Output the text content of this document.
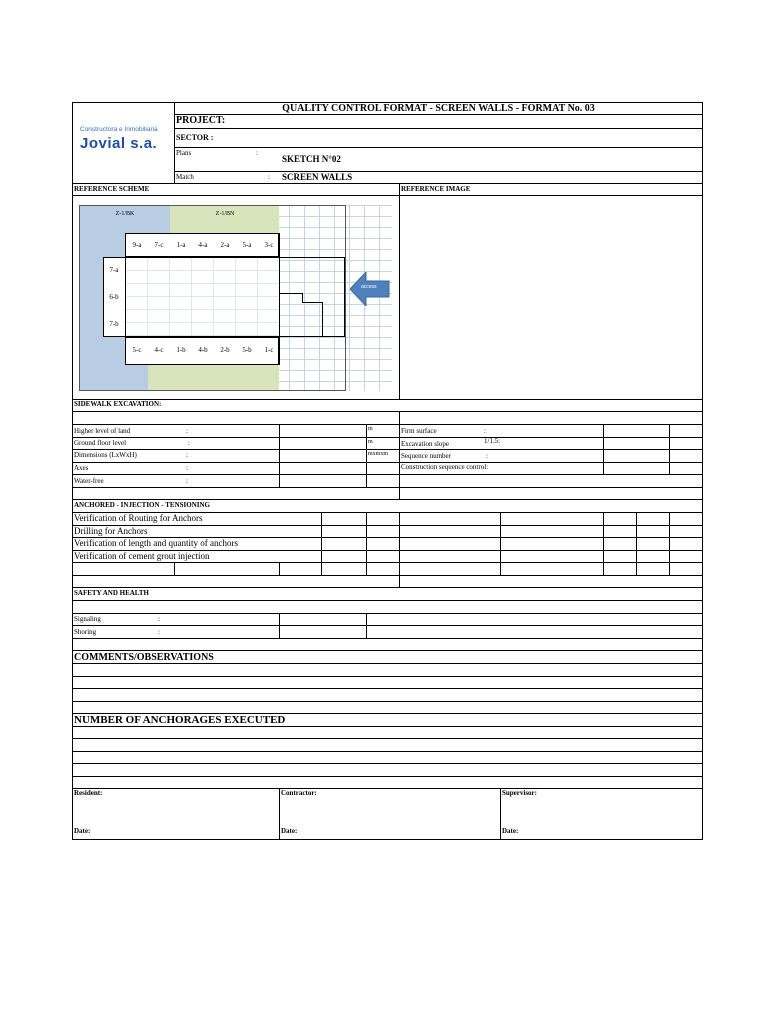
QUALITY CONTROL FORMAT - SCREEN WALLS - FORMAT No. 03
PROJECT:
SECTOR :
Plans	:
SKETCH N°02
Match	: SCREEN WALLS
Constructora e Inmobiliaria
Jovial s.a.
REFERENCE SCHEME	REFERENCE IMAGE
Z-1/BK	Z-1/BN
9-a	7-c	1-a	4-a	2-a	5-a	3-c
7-a
6-b
7-b
5-c	4-c	1-b	4-b	2-b	5-b	1-c
access
SIDEWALK EXCAVATION:
Higher level of land	:	m
Ground floor level	:	m
Dimensions (LxWxH)	:	mxmxm
Axes	:
Water-free	:
Firm surface	:
Excavation slope	1/1.5:
Sequence number	:
Construction sequence control:
ANCHORED - INJECTION - TENSIONING
Verification of Routing for Anchors
Drilling for Anchors
Verification of length and quantity of anchors
Verification of cement grout injection
SAFETY AND HEALTH
Signaling	:
Shoring	:
COMMENTS/OBSERVATIONS
NUMBER OF ANCHORAGES EXECUTED
Resident:	Contractor:	Supervisor:
Date:	Date:	Date:
